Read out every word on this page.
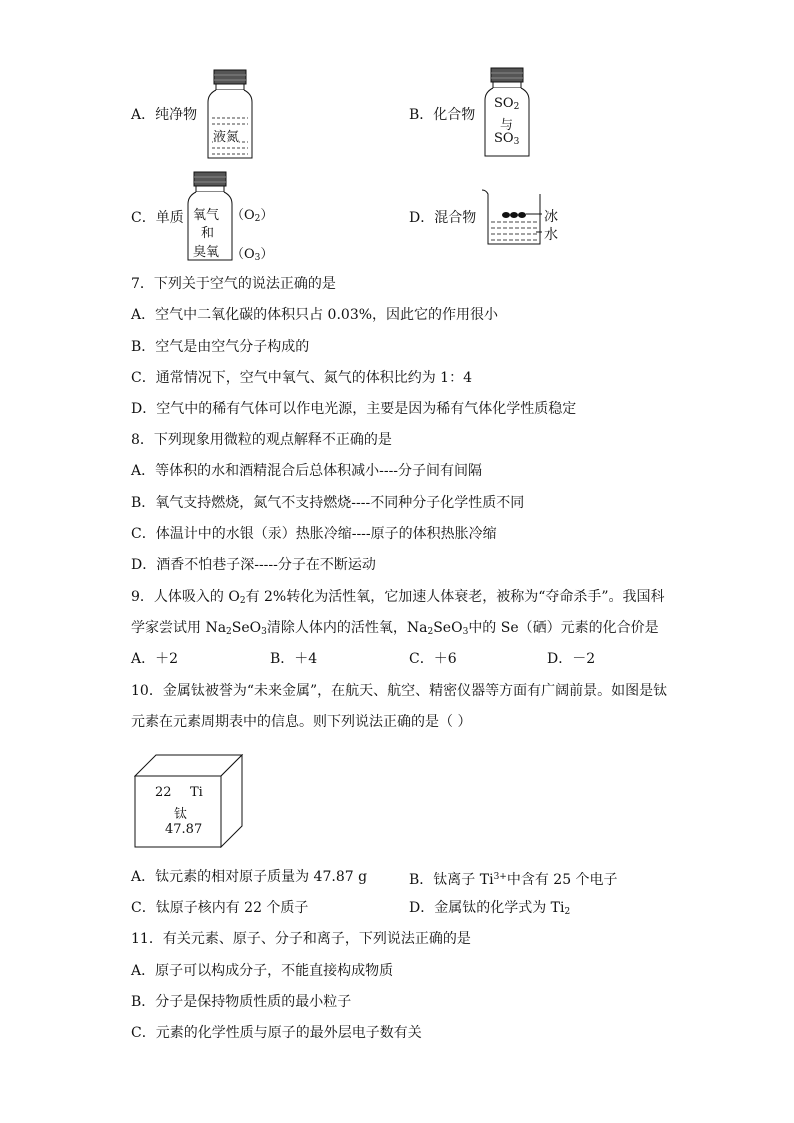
A．纯净物
液氮
B．化合物
$SO_2$
与
$SO_3$
C．单质 氧气
和
臭氧
$(O_2)$
$(O_3)$
D．混合物	冰
水
7．下列关于空气的说法正确的是
A．空气中二氧化碳的体积只占 0.03%，因此它的作用很小
B．空气是由空气分子构成的
C．通常情况下，空气中氧气、氮气的体积比约为 1：4
D．空气中的稀有气体可以作电光源，主要是因为稀有气体化学性质稳定
8．下列现象用微粒的观点解释不正确的是
A．等体积的水和酒精混合后总体积减小----分子间有间隔
B．氧气支持燃烧，氮气不支持燃烧----不同种分子化学性质不同
C．体温计中的水银（汞）热胀冷缩----原子的体积热胀冷缩
D．酒香不怕巷子深-----分子在不断运动
9．人体吸入的 $O_2$有 2%转化为活性氧，它加速人体衰老，被称为“夺命杀手”。我国科
学家尝试用 $Na_2SeO_3$清除人体内的活性氧，$Na_2SeO_3$中的 Se（硒）元素的化合价是
A．＋2	B．＋4	C．＋6	D．－2
10．金属钛被誉为“未来金属”，在航天、航空、精密仪器等方面有广阔前景。如图是钛
元素在元素周期表中的信息。则下列说法正确的是（ ）
22 Ti
钛
47.87
A．钛元素的相对原子质量为 47.87 g	B．钛离子 $Ti^{3+}$中含有 25 个电子
C．钛原子核内有 22 个质子	D．金属钛的化学式为 $Ti_2$
11．有关元素、原子、分子和离子，下列说法正确的是
A．原子可以构成分子，不能直接构成物质
B．分子是保持物质性质的最小粒子
C．元素的化学性质与原子的最外层电子数有关
